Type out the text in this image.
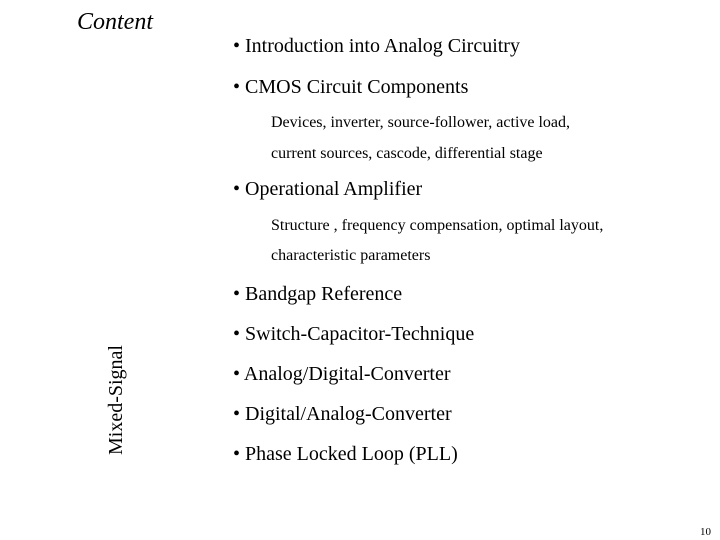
Content
Mixed-Signal
• Introduction into Analog Circuitry
• CMOS Circuit Components
Devices, inverter, source-follower, active load,
current sources, cascode, differential stage
• Operational Amplifier
Structure , frequency compensation, optimal layout,
characteristic parameters
• Bandgap Reference
• Switch-Capacitor-Technique
• Analog/Digital-Converter
• Digital/Analog-Converter
• Phase Locked Loop (PLL)
10
